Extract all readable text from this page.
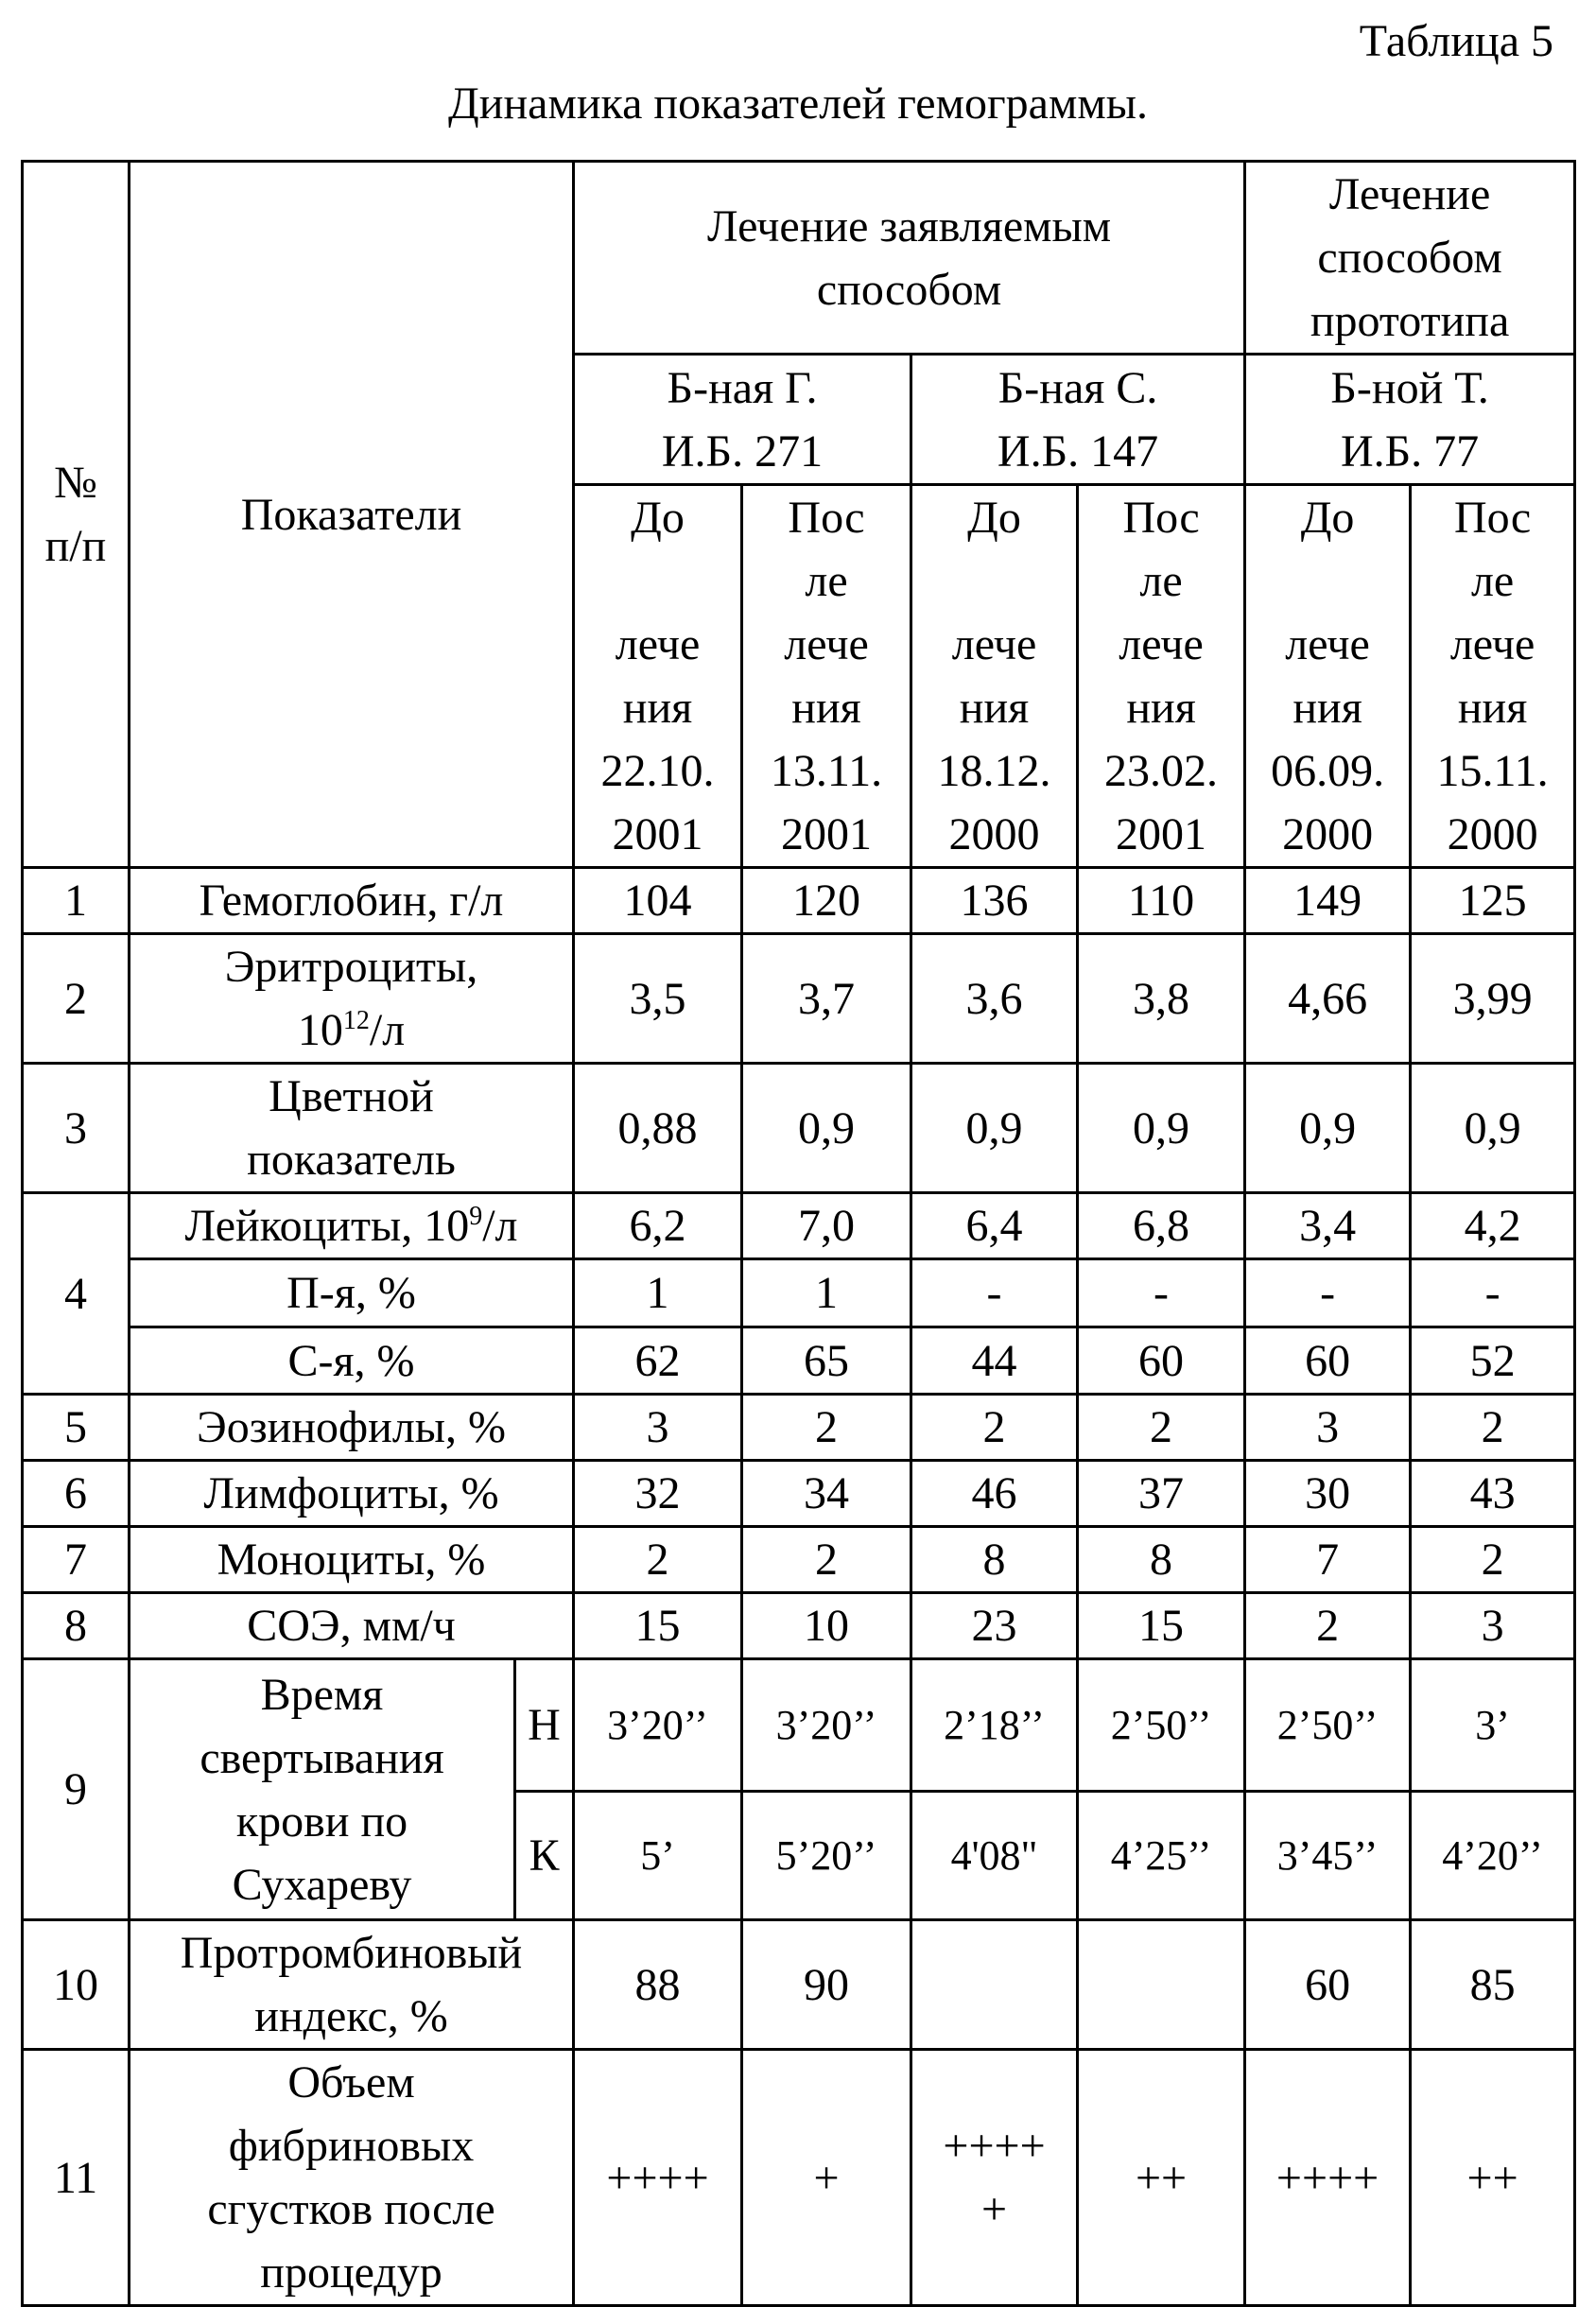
Таблица 5
Динамика показателей гемограммы.
№
п/п	Показатели	Лечение заявляемым
способом	Лечение
способом
прототипа
Б-ная Г.
И.Б. 271	Б-ная С.
И.Б. 147	Б-ной Т.
И.Б. 77
До

лече
ния
22.10.
2001	Пос
ле
лече
ния
13.11.
2001	До

лече
ния
18.12.
2000	Пос
ле
лече
ния
23.02.
2001	До

лече
ния
06.09.
2000	Пос
ле
лече
ния
15.11.
2000
1	Гемоглобин, г/л	104	120	136	110	149	125
2	Эритроциты,
1012/л	3,5	3,7	3,6	3,8	4,66	3,99
3	Цветной
показатель	0,88	0,9	0,9	0,9	0,9	0,9
4	Лейкоциты, 109/л	6,2	7,0	6,4	6,8	3,4	4,2
П-я, %	1	1	-	-	-	-
С-я, %	62	65	44	60	60	52
5	Эозинофилы, %	3	2	2	2	3	2
6	Лимфоциты, %	32	34	46	37	30	43
7	Моноциты, %	2	2	8	8	7	2
8	СОЭ, мм/ч	15	10	23	15	2	3
9	Время
свертывания
крови по
Сухареву	Н	3’20’’	3’20’’	2’18’’	2’50’’	2’50’’	3’
К	5’	5’20’’	4'08"	4’25’’	3’45’’	4’20’’
10	Протромбиновый
индекс, %	88	90			60	85
11	Объем
фибриновых
сгустков после
процедур	++++	+	++++
+	++	++++	++
